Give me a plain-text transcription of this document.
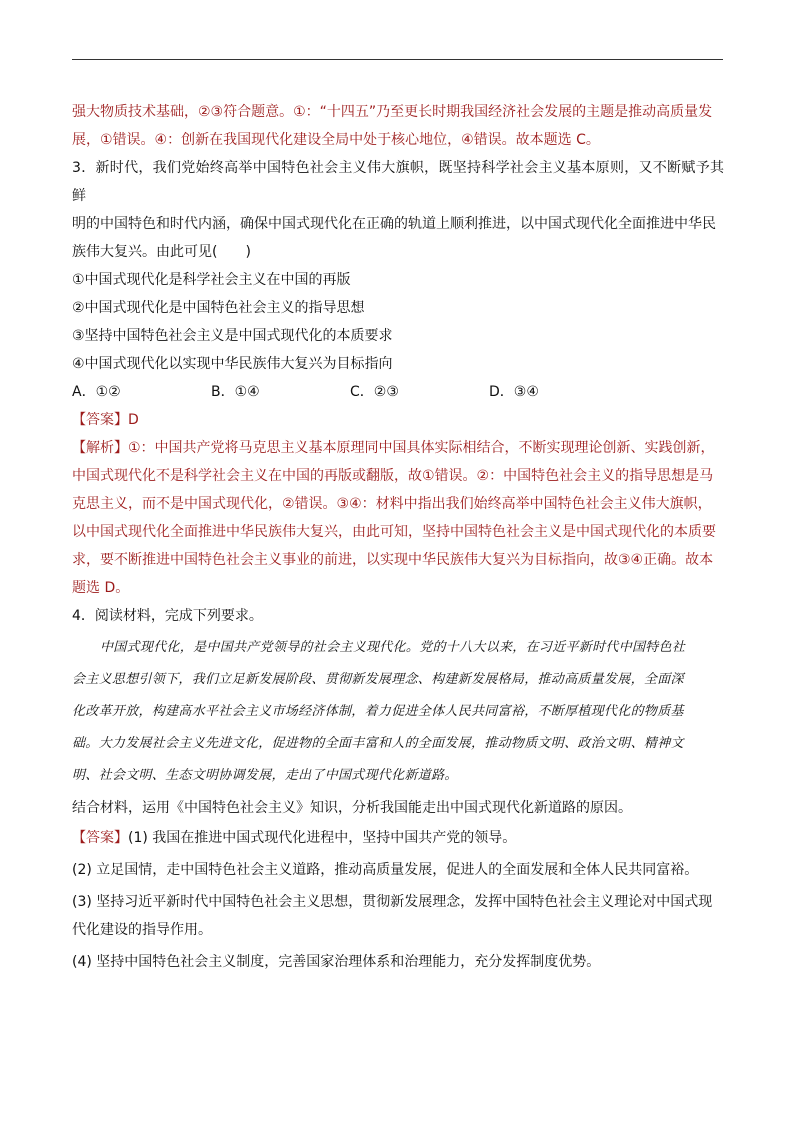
强大物质技术基础，②③符合题意。①：“十四五”乃至更长时期我国经济社会发展的主题是推动高质量发

展，①错误。④：创新在我国现代化建设全局中处于核心地位，④错误。故本题选 C。

3．新时代，我们党始终高举中国特色社会主义伟大旗帜，既坚持科学社会主义基本原则，又不断赋予其鲜

明的中国特色和时代内涵，确保中国式现代化在正确的轨道上顺利推进，以中国式现代化全面推进中华民

族伟大复兴。由此可见(　　)

①中国式现代化是科学社会主义在中国的再版

②中国式现代化是中国特色社会主义的指导思想

③坚持中国特色社会主义是中国式现代化的本质要求

④中国式现代化以实现中华民族伟大复兴为目标指向

A．①②	B．①④	C．②③	D．③④

【答案】D

【解析】①：中国共产党将马克思主义基本原理同中国具体实际相结合，不断实现理论创新、实践创新，

中国式现代化不是科学社会主义在中国的再版或翻版，故①错误。②：中国特色社会主义的指导思想是马

克思主义，而不是中国式现代化，②错误。③④：材料中指出我们始终高举中国特色社会主义伟大旗帜，

以中国式现代化全面推进中华民族伟大复兴，由此可知，坚持中国特色社会主义是中国式现代化的本质要

求，要不断推进中国特色社会主义事业的前进，以实现中华民族伟大复兴为目标指向，故③④正确。故本

题选 D。

4．阅读材料，完成下列要求。

中国式现代化，是中国共产党领导的社会主义现代化。党的十八大以来，在习近平新时代中国特色社

会主义思想引领下，我们立足新发展阶段、贯彻新发展理念、构建新发展格局，推动高质量发展，全面深

化改革开放，构建高水平社会主义市场经济体制，着力促进全体人民共同富裕，不断厚植现代化的物质基

础。大力发展社会主义先进文化，促进物的全面丰富和人的全面发展，推动物质文明、政治文明、精神文

明、社会文明、生态文明协调发展，走出了中国式现代化新道路。

结合材料，运用《中国特色社会主义》知识，分析我国能走出中国式现代化新道路的原因。

【答案】(1) 我国在推进中国式现代化进程中，坚持中国共产党的领导。

(2) 立足国情，走中国特色社会主义道路，推动高质量发展，促进人的全面发展和全体人民共同富裕。

(3) 坚持习近平新时代中国特色社会主义思想，贯彻新发展理念，发挥中国特色社会主义理论对中国式现

代化建设的指导作用。

(4) 坚持中国特色社会主义制度，完善国家治理体系和治理能力，充分发挥制度优势。
